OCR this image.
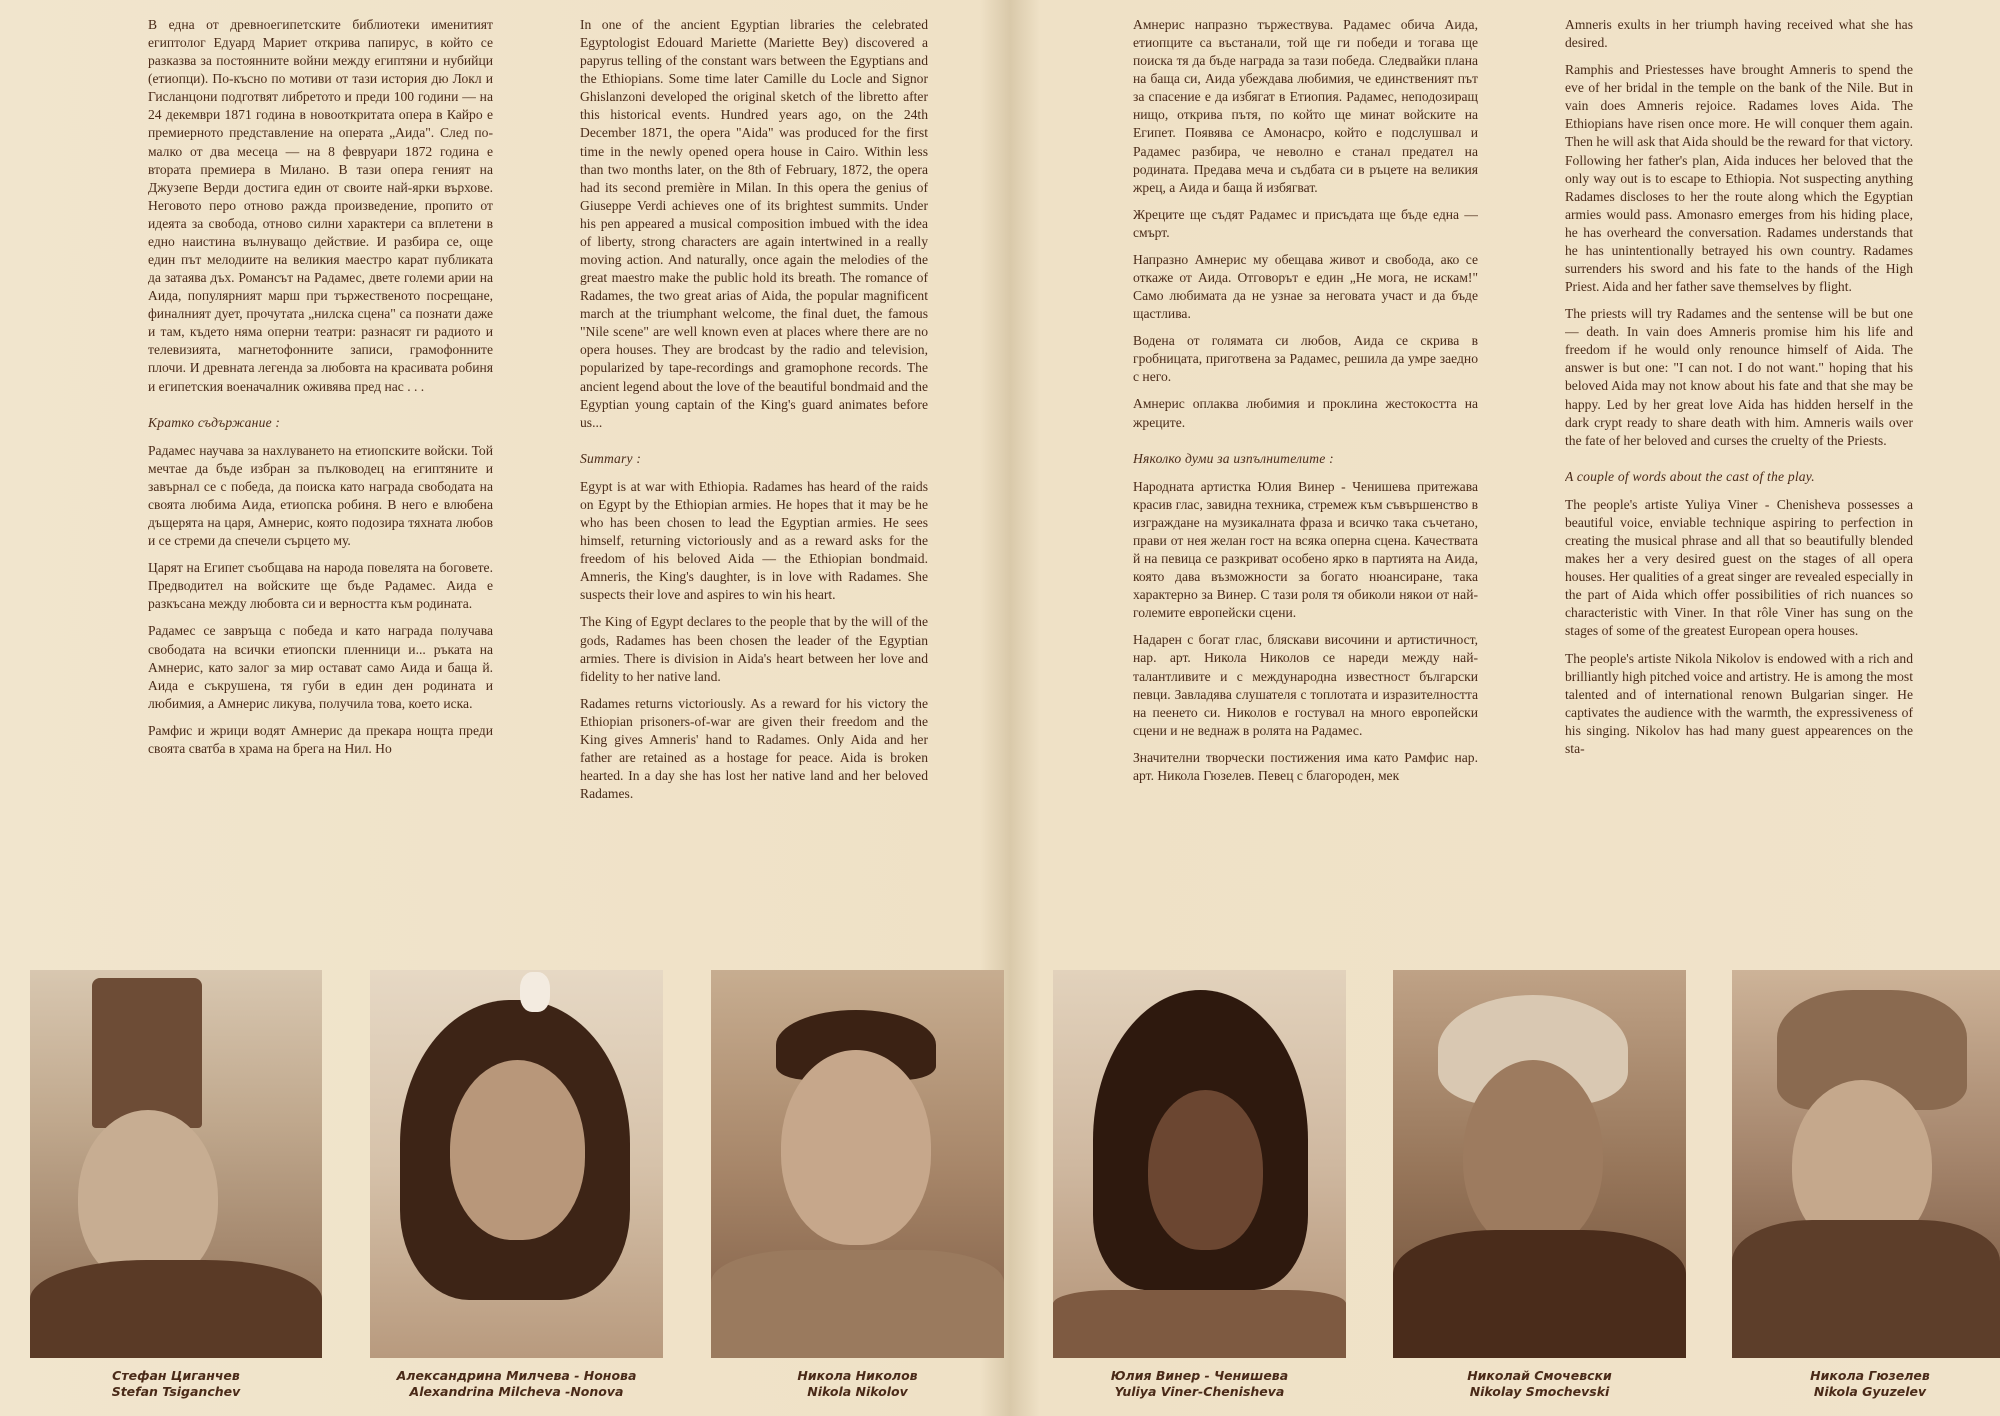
В една от древноегипетските библиотеки именитият египтолог Едуард Мариет открива папирус, в който се разказва за постоянните войни между египтяни и нубийци (етиопци). По-късно по мотиви от тази история дю Локл и Гисланцони подготвят либретото и преди 100 години — на 24 декември 1871 година в новооткритата опера в Кайро е премиерното представление на операта „Аида". След по-малко от два месеца — на 8 февруари 1872 година е втората премиера в Милано. В тази опера геният на Джузепе Верди достига един от своите най-ярки върхове. Неговото перо отново ражда произведение, пропито от идеята за свобода, отново силни характери са вплетени в едно наистина вълнуващо действие. И разбира се, още един път мелодиите на великия маестро карат публиката да затаява дъх. Романсът на Радамес, двете големи арии на Аида, популярният марш при тържественото посрещане, финалният дует, прочутата „нилска сцена" са познати даже и там, където няма оперни театри: разнасят ги радиото и телевизията, магнетофонните записи, грамофонните плочи. И древната легенда за любовта на красивата робиня и египетския военачалник оживява пред нас . . .

Кратко съдържание :

Радамес научава за нахлуването на етиопските войски. Той мечтае да бъде избран за пълководец на египтяните и завърнал се с победа, да поиска като награда свободата на своята любима Аида, етиопска робиня. В него е влюбена дъщерята на царя, Амнерис, която подозира тяхната любов и се стреми да спечели сърцето му.

Царят на Египет съобщава на народа повелята на боговете. Предводител на войските ще бъде Радамес. Аида е разкъсана между любовта си и верността към родината.

Радамес се завръща с победа и като награда получава свободата на всички етиопски пленници и... ръката на Амнерис, като залог за мир остават само Аида и баща й. Аида е съкрушена, тя губи в един ден родината и любимия, а Амнерис ликува, получила това, което иска.

Рамфис и жрици водят Амнерис да прекара нощта преди своята сватба в храма на брега на Нил. Но

In one of the ancient Egyptian libraries the celebrated Egyptologist Edouard Mariette (Mariette Bey) discovered a papyrus telling of the constant wars between the Egyptians and the Ethiopians. Some time later Camille du Locle and Signor Ghislanzoni developed the original sketch of the libretto after this historical events. Hundred years ago, on the 24th December 1871, the opera "Aida" was produced for the first time in the newly opened opera house in Cairo. Within less than two months later, on the 8th of February, 1872, the opera had its second première in Milan. In this opera the genius of Giuseppe Verdi achieves one of its brightest summits. Under his pen appeared a musical composition imbued with the idea of liberty, strong characters are again intertwined in a really moving action. And naturally, once again the melodies of the great maestro make the public hold its breath. The romance of Radames, the two great arias of Aida, the popular magnificent march at the triumphant welcome, the final duet, the famous "Nile scene" are well known even at places where there are no opera houses. They are brodcast by the radio and television, popularized by tape-recordings and gramophone records. The ancient legend about the love of the beautiful bondmaid and the Egyptian young captain of the King's guard animates before us...

Summary :

Egypt is at war with Ethiopia. Radames has heard of the raids on Egypt by the Ethiopian armies. He hopes that it may be he who has been chosen to lead the Egyptian armies. He sees himself, returning victoriously and as a reward asks for the freedom of his beloved Aida — the Ethiopian bondmaid. Amneris, the King's daughter, is in love with Radames. She suspects their love and aspires to win his heart.

The King of Egypt declares to the people that by the will of the gods, Radames has been chosen the leader of the Egyptian armies. There is division in Aida's heart between her love and fidelity to her native land.

Radames returns victoriously. As a reward for his victory the Ethiopian prisoners-of-war are given their freedom and the King gives Amneris' hand to Radames. Only Aida and her father are retained as a hostage for peace. Aida is broken hearted. In a day she has lost her native land and her beloved Radames.

Амнерис напразно тържествува. Радамес обича Аида, етиопците са въстанали, той ще ги победи и тогава ще поиска тя да бъде награда за тази победа. Следвайки плана на баща си, Аида убеждава любимия, че единственият път за спасение е да избягат в Етиопия. Радамес, неподозиращ нищо, открива пътя, по който ще минат войските на Египет. Появява се Амонасро, който е подслушвал и Радамес разбира, че неволно е станал предател на родината. Предава меча и съдбата си в ръцете на великия жрец, а Аида и баща й избягват.

Жреците ще съдят Радамес и присъдата ще бъде една — смърт.

Напразно Амнерис му обещава живот и свобода, ако се откаже от Аида. Отговорът е един „Не мога, не искам!" Само любимата да не узнае за неговата участ и да бъде щастлива.

Водена от голямата си любов, Аида се скрива в гробницата, приготвена за Радамес, решила да умре заедно с него.

Амнерис оплаква любимия и проклина жестокостта на жреците.

Няколко думи за изпълнителите :

Народната артистка Юлия Винер - Ченишева притежава красив глас, завидна техника, стремеж към съвършенство в изграждане на музикалната фраза и всичко така съчетано, прави от нея желан гост на всяка оперна сцена. Качествата й на певица се разкриват особено ярко в партията на Аида, която дава възможности за богато нюансиране, така характерно за Винер. С тази роля тя обиколи някои от най-големите европейски сцени.

Надарен с богат глас, бляскави височини и артистичност, нар. арт. Никола Николов се нареди между най-талантливите и с международна известност български певци. Завладява слушателя с топлотата и изразителността на пеенето си. Николов е гостувал на много европейски сцени и не веднаж в ролята на Радамес.

Значителни творчески постижения има като Рамфис нар. арт. Никола Гюзелев. Певец с благороден, мек

Amneris exults in her triumph having received what she has desired.

Ramphis and Priestesses have brought Amneris to spend the eve of her bridal in the temple on the bank of the Nile. But in vain does Amneris rejoice. Radames loves Aida. The Ethiopians have risen once more. He will conquer them again. Then he will ask that Aida should be the reward for that victory. Following her father's plan, Aida induces her beloved that the only way out is to escape to Ethiopia. Not suspecting anything Radames discloses to her the route along which the Egyptian armies would pass. Amonasro emerges from his hiding place, he has overheard the conversation. Radames understands that he has unintentionally betrayed his own country. Radames surrenders his sword and his fate to the hands of the High Priest. Aida and her father save themselves by flight.

The priests will try Radames and the sentense will be but one — death. In vain does Amneris promise him his life and freedom if he would only renounce himself of Aida. The answer is but one: "I can not. I do not want." hoping that his beloved Aida may not know about his fate and that she may be happy. Led by her great love Aida has hidden herself in the dark crypt ready to share death with him. Amneris wails over the fate of her beloved and curses the cruelty of the Priests.

A couple of words about the cast of the play.

The people's artiste Yuliya Viner - Chenisheva possesses a beautiful voice, enviable technique aspiring to perfection in creating the musical phrase and all that so beautifully blended makes her a very desired guest on the stages of all opera houses. Her qualities of a great singer are revealed especially in the part of Aida which offer possibilities of rich nuances so characteristic with Viner. In that rôle Viner has sung on the stages of some of the greatest European opera houses.

The people's artiste Nikola Nikolov is endowed with a rich and brilliantly high pitched voice and artistry. He is among the most talented and of international renown Bulgarian singer. He captivates the audience with the warmth, the expressiveness of his singing. Nikolov has had many guest appearences on the sta-

Стефан Циганчев
Stefan Tsiganchev
Александрина Милчева - Нонова
Alexandrina Milcheva -Nonova
Никола Николов
Nikola Nikolov
Юлия Винер - Ченишева
Yuliya Viner-Chenisheva
Николай Смочевски
Nikolay Smochevski
Никола Гюзелев
Nikola Gyuzelev
